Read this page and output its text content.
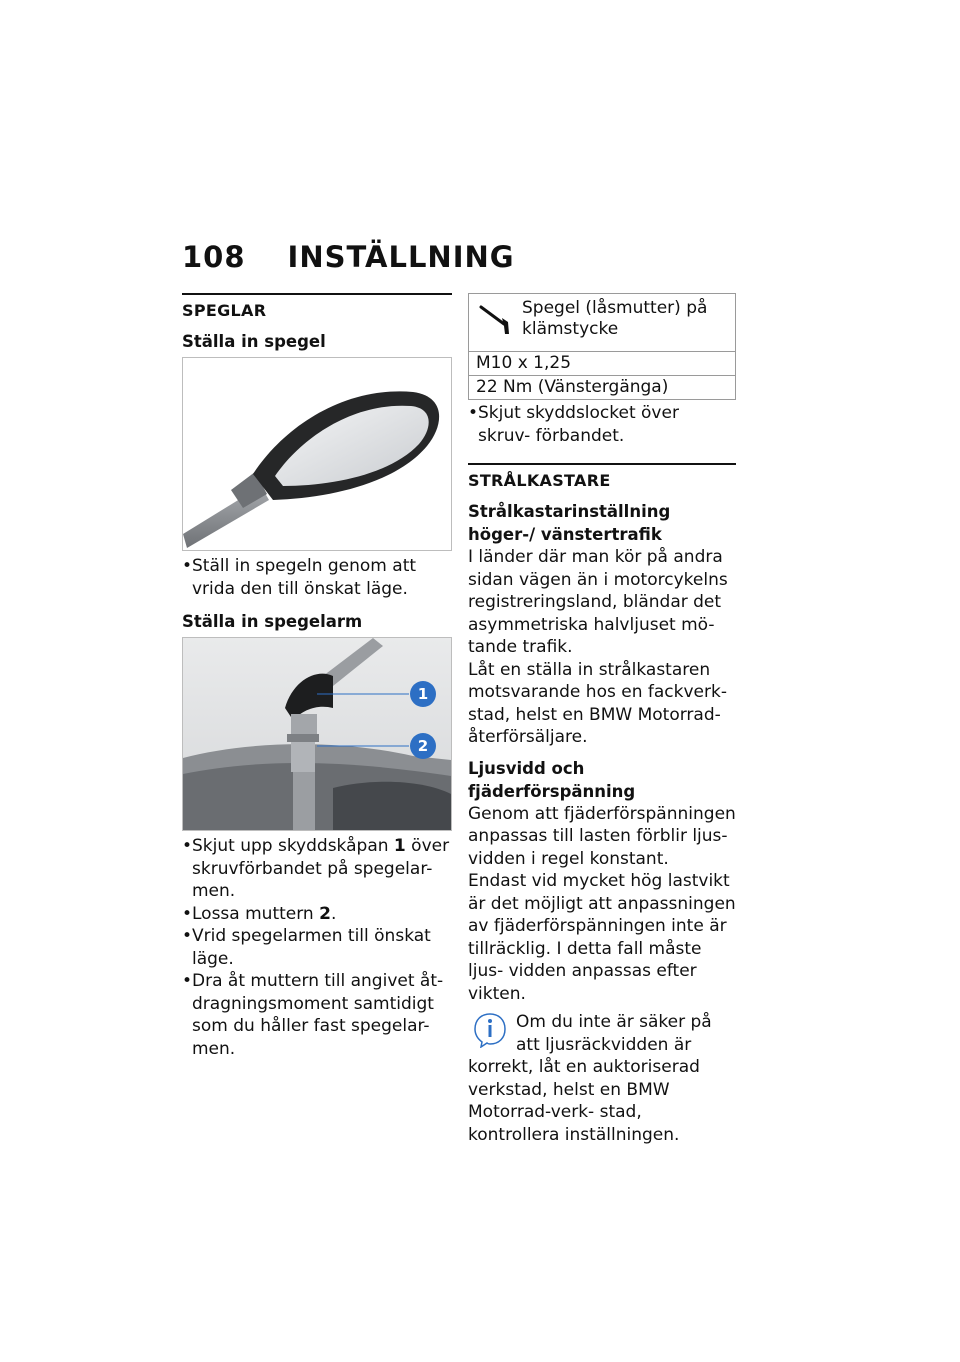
108 INSTÄLLNING
SPEGLAR
Ställa in spegel
• Ställ in spegeln genom att vrida den till önskat läge.
Ställa in spegelarm
1
2
• Skjut upp skyddskåpan 1 över skruvförbandet på spegelar- men.
• Lossa muttern 2.
• Vrid spegelarmen till önskat läge.
• Dra åt muttern till angivet åt- dragningsmoment samtidigt som du håller fast spegelar- men.
Spegel (låsmutter) på klämstycke
M10 x 1,25
22 Nm (Vänstergänga)
• Skjut skyddslocket över skruv- förbandet.
STRÅLKASTARE
Strålkastarinställning höger-/ vänstertrafik

I länder där man kör på andra sidan vägen än i motorcykelns registreringsland, bländar det asymmetriska halvljuset mö- tande trafik.

Låt en ställa in strålkastaren motsvarande hos en fackverk- stad, helst en BMW Motorrad- återförsäljare.

Ljusvidd och fjäderförspänning

Genom att fjäderförspänningen anpassas till lasten förblir ljus- vidden i regel konstant.

Endast vid mycket hög lastvikt är det möjligt att anpassningen av fjäderförspänningen inte är tillräcklig. I detta fall måste ljus- vidden anpassas efter vikten.

Om du inte är säker på att ljusräckvidden är korrekt, låt en auktoriserad verkstad, helst en BMW Motorrad-verk- stad, kontrollera inställningen.
